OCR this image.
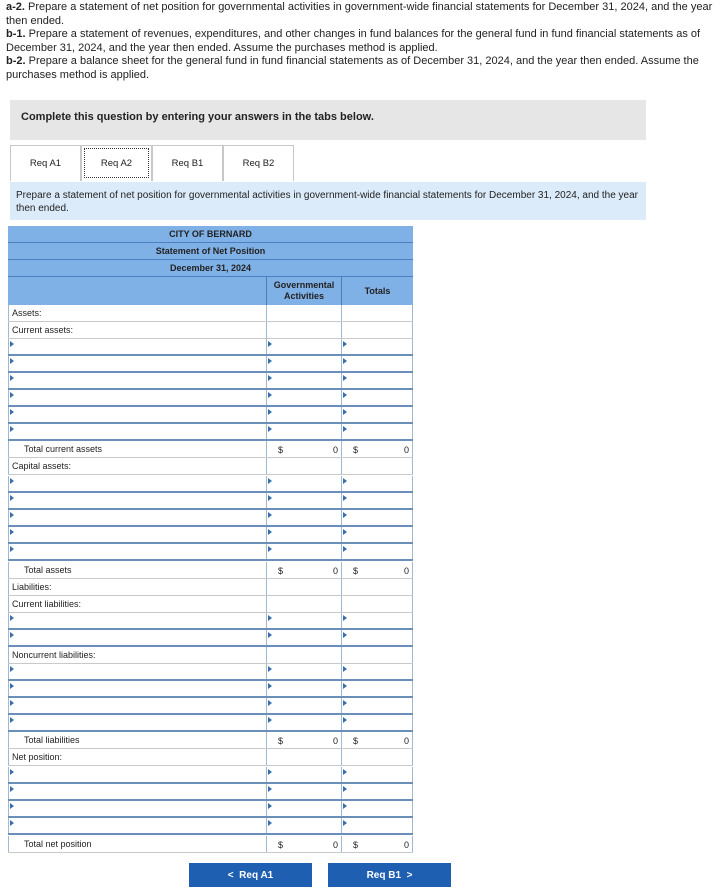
a-2. Prepare a statement of net position for governmental activities in government-wide financial statements for December 31, 2024, and the year then ended.
b-1. Prepare a statement of revenues, expenditures, and other changes in fund balances for the general fund in fund financial statements as of December 31, 2024, and the year then ended. Assume the purchases method is applied.
b-2. Prepare a balance sheet for the general fund in fund financial statements as of December 31, 2024, and the year then ended. Assume the purchases method is applied.
Complete this question by entering your answers in the tabs below.
Req A1	Req A2	Req B1	Req B2
Prepare a statement of net position for governmental activities in government-wide financial statements for December 31, 2024, and the year then ended.
CITY OF BERNARD
Statement of Net Position
December 31, 2024
Governmental Activities	Totals
Assets:
Current assets:
Total current assets	$	0 $	0
Capital assets:
Total assets	$	0 $	0
Liabilities:
Current liabilities:
Noncurrent liabilities:
Total liabilities	$	0 $	0
Net position:
Total net position	$	0 $	0
< Req A1	Req B1 >
